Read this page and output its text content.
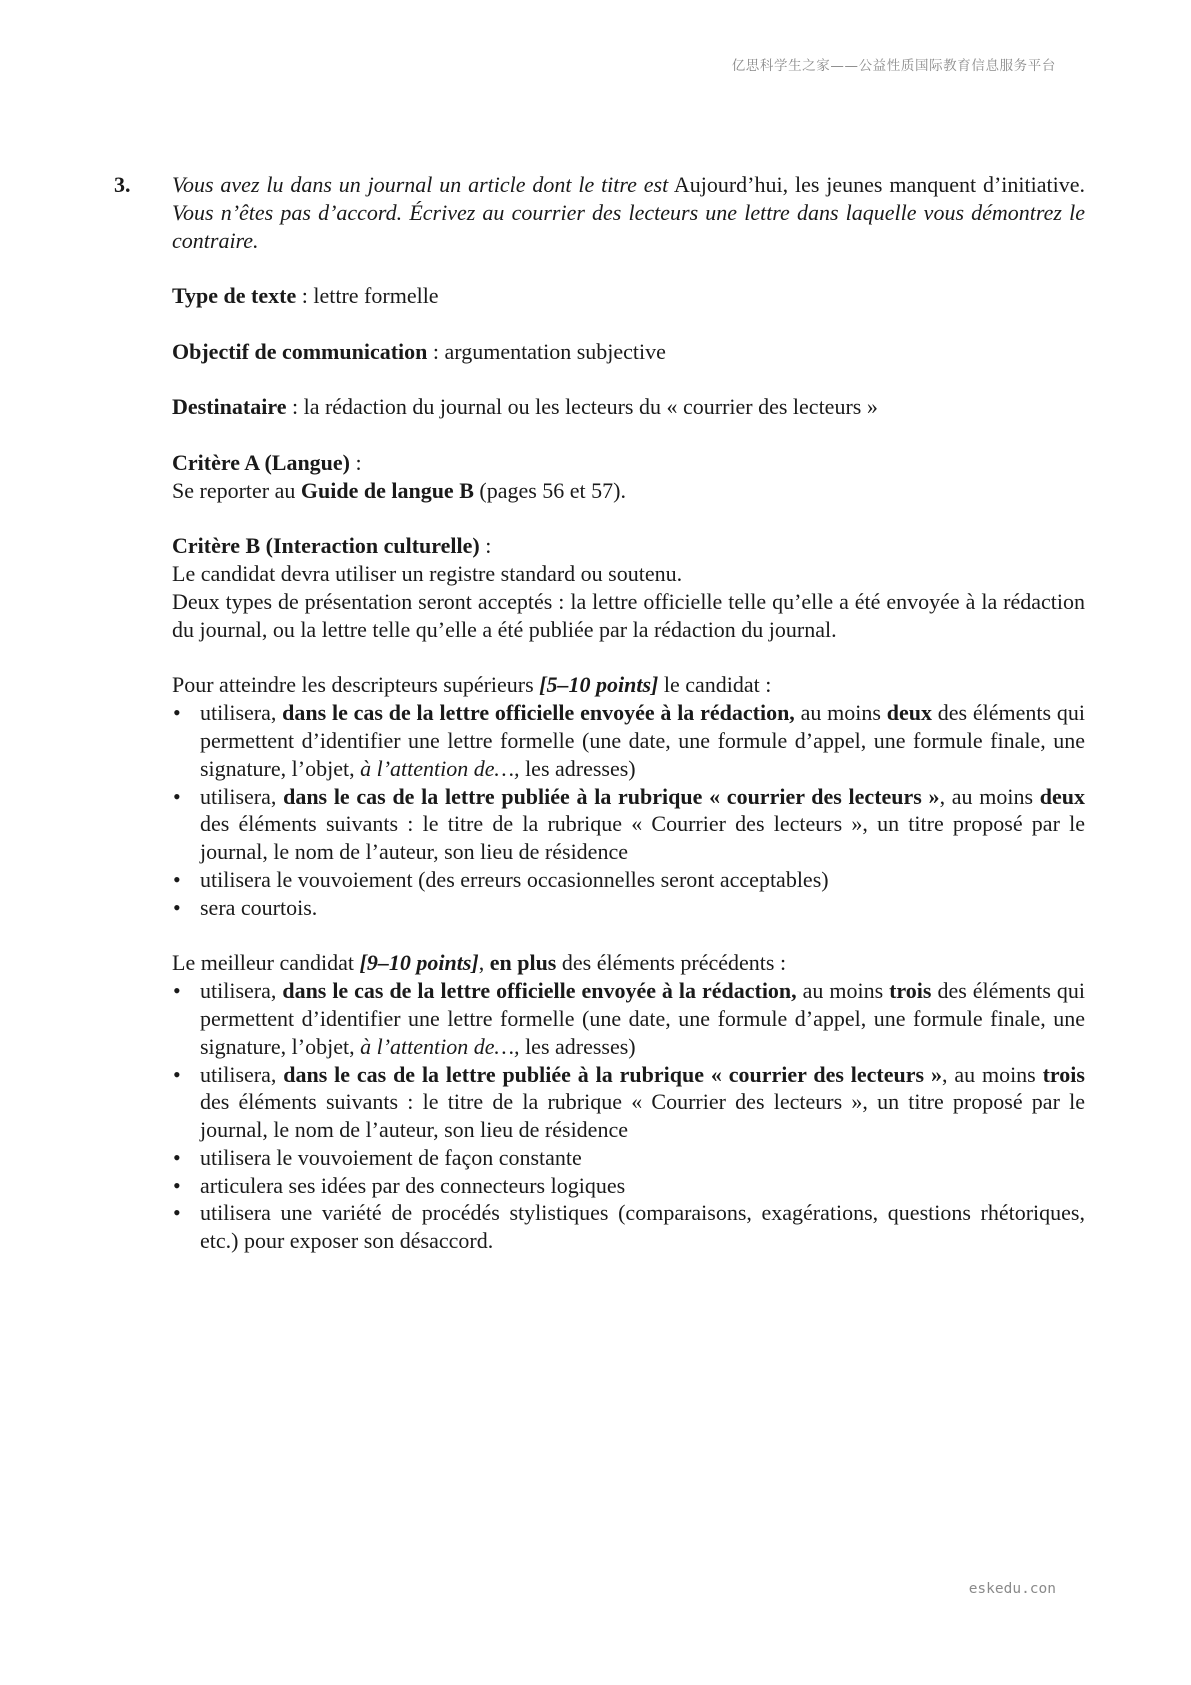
亿思科学生之家——公益性质国际教育信息服务平台
3. Vous avez lu dans un journal un article dont le titre est Aujourd’hui, les jeunes manquent d’initiative. Vous n’êtes pas d’accord. Écrivez au courrier des lecteurs une lettre dans laquelle vous démontrez le contraire.

Type de texte : lettre formelle

Objectif de communication : argumentation subjective

Destinataire : la rédaction du journal ou les lecteurs du « courrier des lecteurs »

Critère A (Langue) :

Se reporter au Guide de langue B (pages 56 et 57).

Critère B (Interaction culturelle) :

Le candidat devra utiliser un registre standard ou soutenu.

Deux types de présentation seront acceptés : la lettre officielle telle qu’elle a été envoyée à la rédaction du journal, ou la lettre telle qu’elle a été publiée par la rédaction du journal.

Pour atteindre les descripteurs supérieurs [5–10 points] le candidat :

• utilisera, dans le cas de la lettre officielle envoyée à la rédaction, au moins deux des éléments qui permettent d’identifier une lettre formelle (une date, une formule d’appel, une formule finale, une signature, l’objet, à l’attention de…, les adresses)
• utilisera, dans le cas de la lettre publiée à la rubrique « courrier des lecteurs », au moins deux des éléments suivants : le titre de la rubrique « Courrier des lecteurs », un titre proposé par le journal, le nom de l’auteur, son lieu de résidence
• utilisera le vouvoiement (des erreurs occasionnelles seront acceptables)
• sera courtois.

Le meilleur candidat [9–10 points], en plus des éléments précédents :

• utilisera, dans le cas de la lettre officielle envoyée à la rédaction, au moins trois des éléments qui permettent d’identifier une lettre formelle (une date, une formule d’appel, une formule finale, une signature, l’objet, à l’attention de…, les adresses)
• utilisera, dans le cas de la lettre publiée à la rubrique « courrier des lecteurs », au moins trois des éléments suivants : le titre de la rubrique « Courrier des lecteurs », un titre proposé par le journal, le nom de l’auteur, son lieu de résidence
• utilisera le vouvoiement de façon constante
• articulera ses idées par des connecteurs logiques
• utilisera une variété de procédés stylistiques (comparaisons, exagérations, questions rhétoriques, etc.) pour exposer son désaccord.
eskedu.con
